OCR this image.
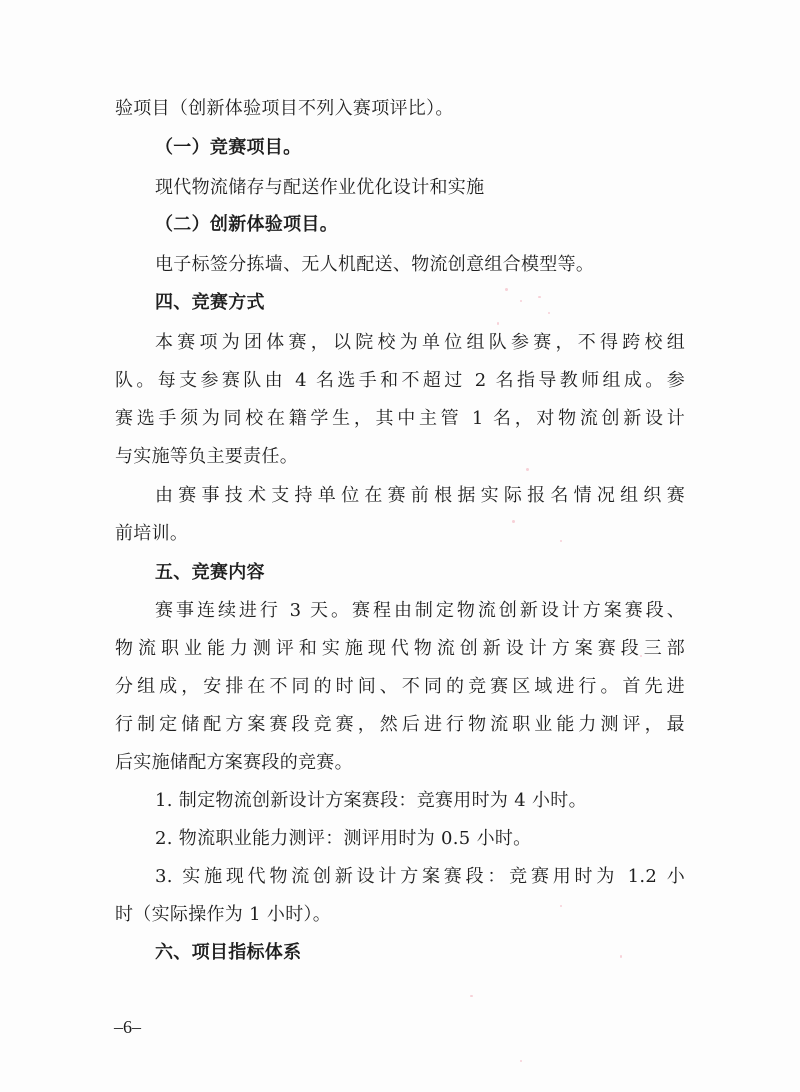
验项目（创新体验项目不列入赛项评比）。
（一）竞赛项目。
现代物流储存与配送作业优化设计和实施
（二）创新体验项目。
电子标签分拣墙、无人机配送、物流创意组合模型等。
四、竞赛方式
本赛项为团体赛，以院校为单位组队参赛，不得跨校组
队。每支参赛队由 4 名选手和不超过 2 名指导教师组成。参
赛选手须为同校在籍学生，其中主管 1 名，对物流创新设计
与实施等负主要责任。
由赛事技术支持单位在赛前根据实际报名情况组织赛
前培训。
五、竞赛内容
赛事连续进行 3 天。赛程由制定物流创新设计方案赛段、
物流职业能力测评和实施现代物流创新设计方案赛段三部
分组成，安排在不同的时间、不同的竞赛区域进行。首先进
行制定储配方案赛段竞赛，然后进行物流职业能力测评，最
后实施储配方案赛段的竞赛。
1. 制定物流创新设计方案赛段：竞赛用时为 4 小时。
2. 物流职业能力测评：测评用时为 0.5 小时。
3. 实施现代物流创新设计方案赛段：竞赛用时为 1.2 小
时（实际操作为 1 小时）。
六、项目指标体系
–6–
